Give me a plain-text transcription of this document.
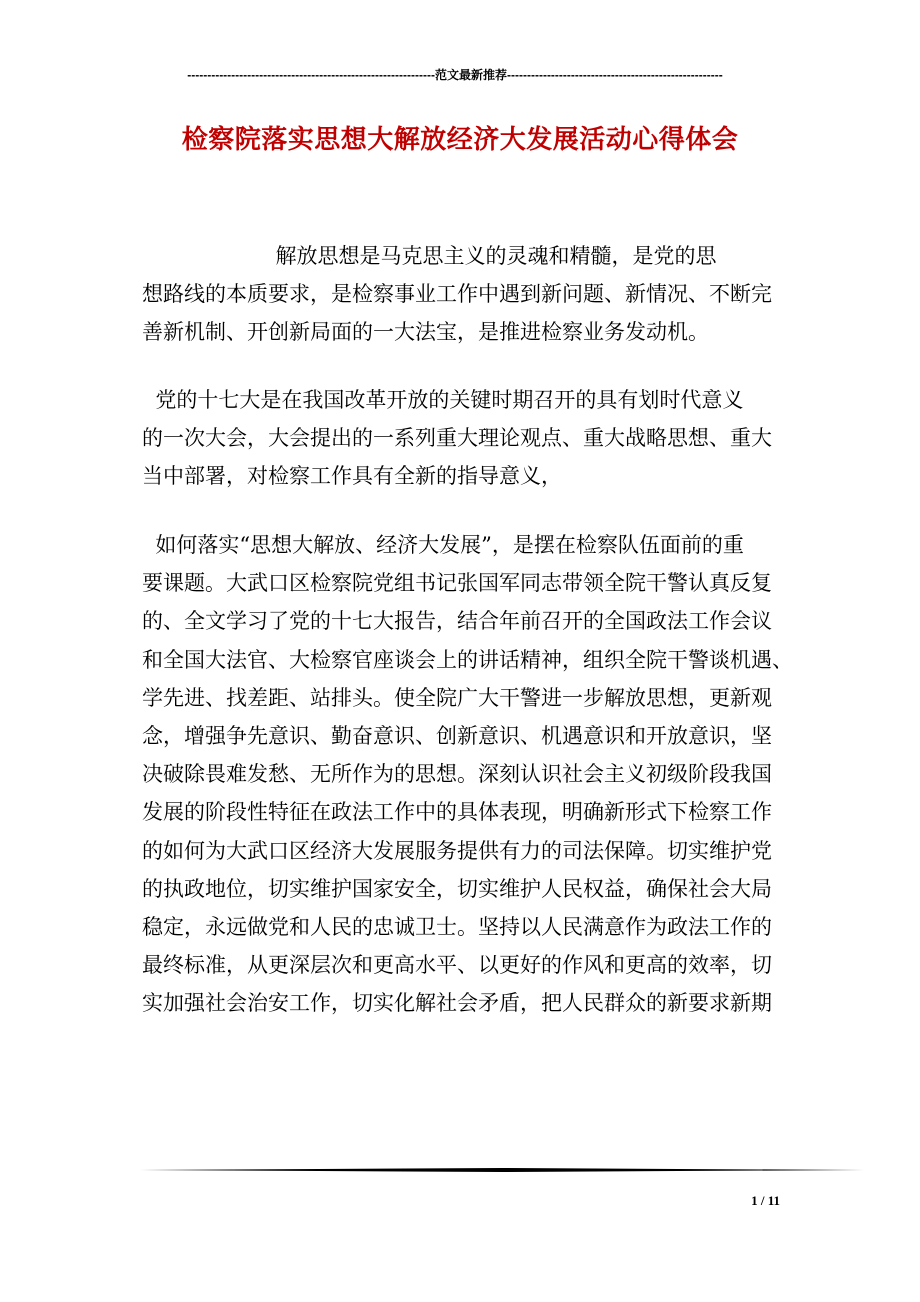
--------------------------------------------------------------范文最新推荐------------------------------------------------------
检察院落实思想大解放经济大发展活动心得体会
解放思想是马克思主义的灵魂和精髓，是党的思
想路线的本质要求，是检察事业工作中遇到新问题、新情况、不断完
善新机制、开创新局面的一大法宝，是推进检察业务发动机。
党的十七大是在我国改革开放的关键时期召开的具有划时代意义
的一次大会，大会提出的一系列重大理论观点、重大战略思想、重大
当中部署，对检察工作具有全新的指导意义，
如何落实“思想大解放、经济大发展”，是摆在检察队伍面前的重
要课题。大武口区检察院党组书记张国军同志带领全院干警认真反复
的、全文学习了党的十七大报告，结合年前召开的全国政法工作会议
和全国大法官、大检察官座谈会上的讲话精神，组织全院干警谈机遇、
学先进、找差距、站排头。使全院广大干警进一步解放思想，更新观
念，增强争先意识、勤奋意识、创新意识、机遇意识和开放意识，坚
决破除畏难发愁、无所作为的思想。深刻认识社会主义初级阶段我国
发展的阶段性特征在政法工作中的具体表现，明确新形式下检察工作
的如何为大武口区经济大发展服务提供有力的司法保障。切实维护党
的执政地位，切实维护国家安全，切实维护人民权益，确保社会大局
稳定，永远做党和人民的忠诚卫士。坚持以人民满意作为政法工作的
最终标准，从更深层次和更高水平、以更好的作风和更高的效率，切
实加强社会治安工作，切实化解社会矛盾，把人民群众的新要求新期
1 / 11
